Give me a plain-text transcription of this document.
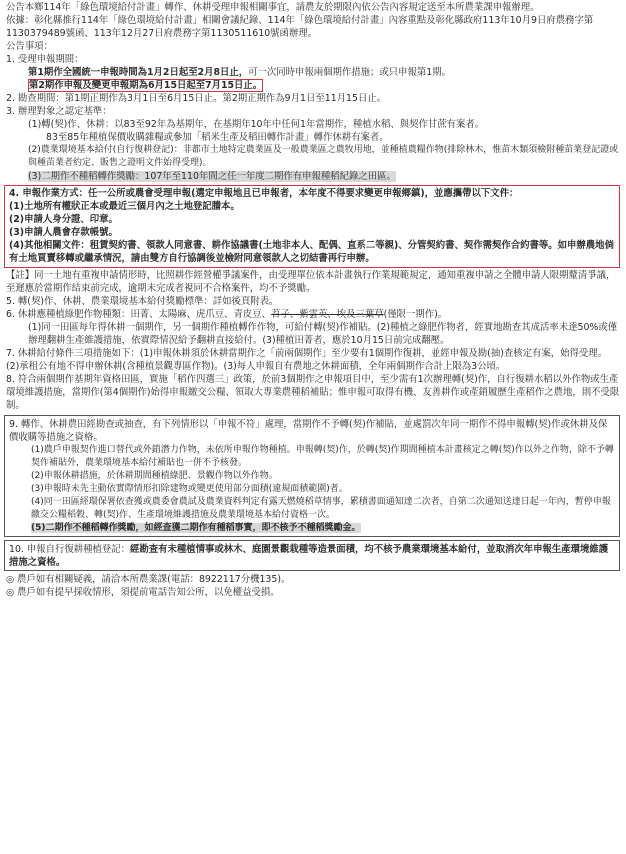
公告本鄉114年「綠色環境給付計畫」轉作、休耕受理申報相關事宜，請農友於期限內依公告內容規定送至本所農業課申報辦理。

依據：彰化縣推行114年「綠色環境給付計畫」相關會議紀錄、114年「綠色環境給付計畫」內容重點及彰化縣政府113年10月9日府農務字第1130379489號函、113年12月27日府農務字第1130511610號函辦理。

公告事項：

1. 受理申報期間：

第1期作全國統一申報時間為1月2日起至2月8日止，可一次同時申報兩個期作措施；或只申報第1期。

第2期作申報及變更申報期為6月15日起至7月15日止。

2. 勘查期間：第1期正期作為3月1日至6月15日止。第2期正期作為9月1日至11月15日止。

3. 辦理對象之認定基準：

(1)轉(契)作、休耕：以83至92年為基期年，在基期年10年中任何1年當期作，種植水稻、與契作甘蔗有案者。

83至85年種植保價收購雜糧或參加「稻米生產及稻田轉作計畫」轉作休耕有案者。

(2)農業環境基本給付(自行復耕登記)：非都市土地特定農業區及一般農業區之農牧用地，並種植農糧作物(排除林木，惟苗木類須檢附種苗業登記證或與種苗業者約定、販售之證明文件始得受理)。

(3)二期作不種稻轉作獎勵：107年至110年間之任一年度二期作有申報種稻紀錄之田區。

4. 申報作業方式：任一公所或農會受理申報(選定申報地且已申報者，本年度不得要求變更申報鄉鎮)，並應攜帶以下文件：

(1)土地所有權狀正本或最近三個月內之土地登記謄本。

(2)申請人身分證、印章。

(3)申請人農會存款帳號。

(4)其他相關文件：租賃契約書、領款人同意書、耕作協議書(土地非本人、配偶、直系二等親)、分管契約書、契作需契作合約書等。如申辦農地倘有土地買賣移轉或繼承情況，請由雙方自行協調後並檢附同意領款人之切結書再行申辦。

【註】同一土地有重複申請情形時，比照耕作經營權爭議案件，由受理單位依本計畫執行作業規範規定，通知重複申請之全體申請人限期釐清爭議，至遲應於當期作結束前完成，逾期未完成者視同不合格案件，均不予獎勵。

5. 轉(契)作、休耕、農業環境基本給付獎勵標準：詳如後頁附表。

6. 休耕應種植綠肥作物種類：田菁、太陽麻、虎爪豆、青皮豆、苕子、紫雲英、埃及三葉草(僅限一期作)。

(1)同一田區每年得休耕一個期作，另一個期作種植轉作作物，可給付轉(契)作補貼。(2)種植之綠肥作物者，經實地勘查其成活率未達50%或僅辦理翻耕生產維護措施，依實際情況給予翻耕直接給付。(3)種植田菁者，應於10月15日前完成翻壓。

7. 休耕給付條件三項措施如下：(1)申報休耕須於休耕當期作之「前兩個期作」至少要有1個期作復耕，並經申報及勘(抽)查核定有案，始得受理。(2)承租公有地不得申辦休耕(含種植景觀專區作物)。(3)每人申報自有農地之休耕面積，全年兩個期作合計上限為3公頃。

8. 符合兩個期作基期年資格田區，實施「稻作四選三」政策，於前3個期作之申報項目中，至少需有1次辦理轉(契)作，自行復耕水稻以外作物或生產環境維護措施，當期作(第4個期作)始得申報繳交公糧、領取大專業農種稻補貼；惟申報可取得有機、友善耕作或產銷履歷生產稻作之農地，則不受限制。

9. 轉作、休耕農田經勘查或抽查，有下列情形以「申報不符」處理，當期作不予轉(契)作補貼，並處罰次年同一期作不得申報轉(契)作或休耕及保價收購等措施之資格。

(1)農戶申報契作進口替代或外銷潛力作物，未依所申報作物種植。申報轉(契)作，於轉(契)作期間種植本計畫核定之轉(契)作以外之作物，除不予轉契作補貼外，農業環境基本給付補貼也一併不予核發。

(2)申報休耕措施，於休耕期間種植綠肥、景觀作物以外作物。

(3)申報時未先主動依實際情形扣除建物或變更使用部分面積(違規面積範圍)者。

(4)同一田區經環保署依查獲或農委會農試及農業資料判定有露天燃燒稻草情事，累積書面通知達二次者，自第二次通知送達日起一年內，暫停申報繳交公糧稻穀、轉(契)作、生產環境維護措施及農業環境基本給付資格一次。

(5)二期作不種稻轉作獎勵，如經查獲二期作有種稻事實，即不核予不種稻獎勵金。

10. 申報自行復耕種植登記：經勘查有未種植情事或林木、庭園景觀栽種等造景面積，均不核予農業環境基本給付，並取消次年申報生產環境維護措施之資格。

◎ 農戶如有相關疑義，請洽本所農業課(電話：8922117分機135)。

◎ 農戶如有提早採收情形，須提前電話告知公所，以免權益受損。
